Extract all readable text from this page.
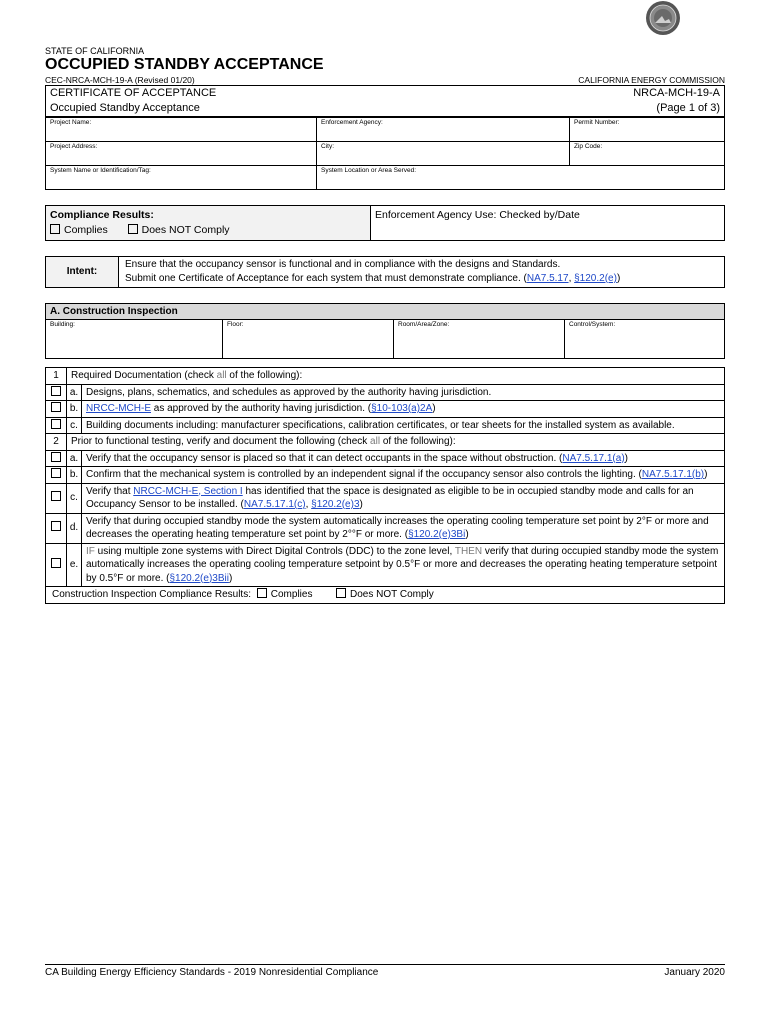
STATE OF CALIFORNIA
OCCUPIED STANDBY ACCEPTANCE
CEC-NRCA-MCH-19-A (Revised 01/20)	CALIFORNIA ENERGY COMMISSION
CERTIFICATE OF ACCEPTANCE	NRCA-MCH-19-A

Occupied Standby Acceptance	(Page 1 of 3)
Project Name:	Enforcement Agency:	Permit Number:
Project Address:	City:	Zip Code:
System Name or Identification/Tag:	System Location or Area Served:	
Compliance Results:
Complies	Does NOT Comply
	Enforcement Agency Use: Checked by/Date
Intent:	
Ensure that the occupancy sensor is functional and in compliance with the designs and Standards.
Submit one Certificate of Acceptance for each system that must demonstrate compliance. (NA7.5.17, §120.2(e))
A. Construction Inspection
Building:	Floor:	Room/Area/Zone:	Control/System:
1	Required Documentation (check all of the following):	
	a.	Designs, plans, schematics, and schedules as approved by the authority having jurisdiction.
	b.	NRCC-MCH-E as approved by the authority having jurisdiction. (§10-103(a)2A)
	c.	Building documents including: manufacturer specifications, calibration certificates, or tear sheets for the installed system as available.
2	Prior to functional testing, verify and document the following (check all of the following):	
	a.	Verify that the occupancy sensor is placed so that it can detect occupants in the space without obstruction. (NA7.5.17.1(a))
	b.	Confirm that the mechanical system is controlled by an independent signal if the occupancy sensor also controls the lighting. (NA7.5.17.1(b))
	c.	Verify that NRCC-MCH-E, Section I has identified that the space is designated as eligible to be in occupied standby mode and calls for an Occupancy Sensor to be installed. (NA7.5.17.1(c), §120.2(e)3)
	d.	Verify that during occupied standby mode the system automatically increases the operating cooling temperature set point by 2°F or more and decreases the operating heating temperature set point by 2°°F or more. (§120.2(e)3Bi)
	e.	IF using multiple zone systems with Direct Digital Controls (DDC) to the zone level, THEN verify that during occupied standby mode the system automatically increases the operating cooling temperature setpoint by 0.5°F or more and decreases the operating heating temperature setpoint by 0.5°F or more. (§120.2(e)3Bii)
Construction Inspection Compliance Results: Complies Does NOT Comply		
CA Building Energy Efficiency Standards - 2019 Nonresidential Compliance	January 2020
